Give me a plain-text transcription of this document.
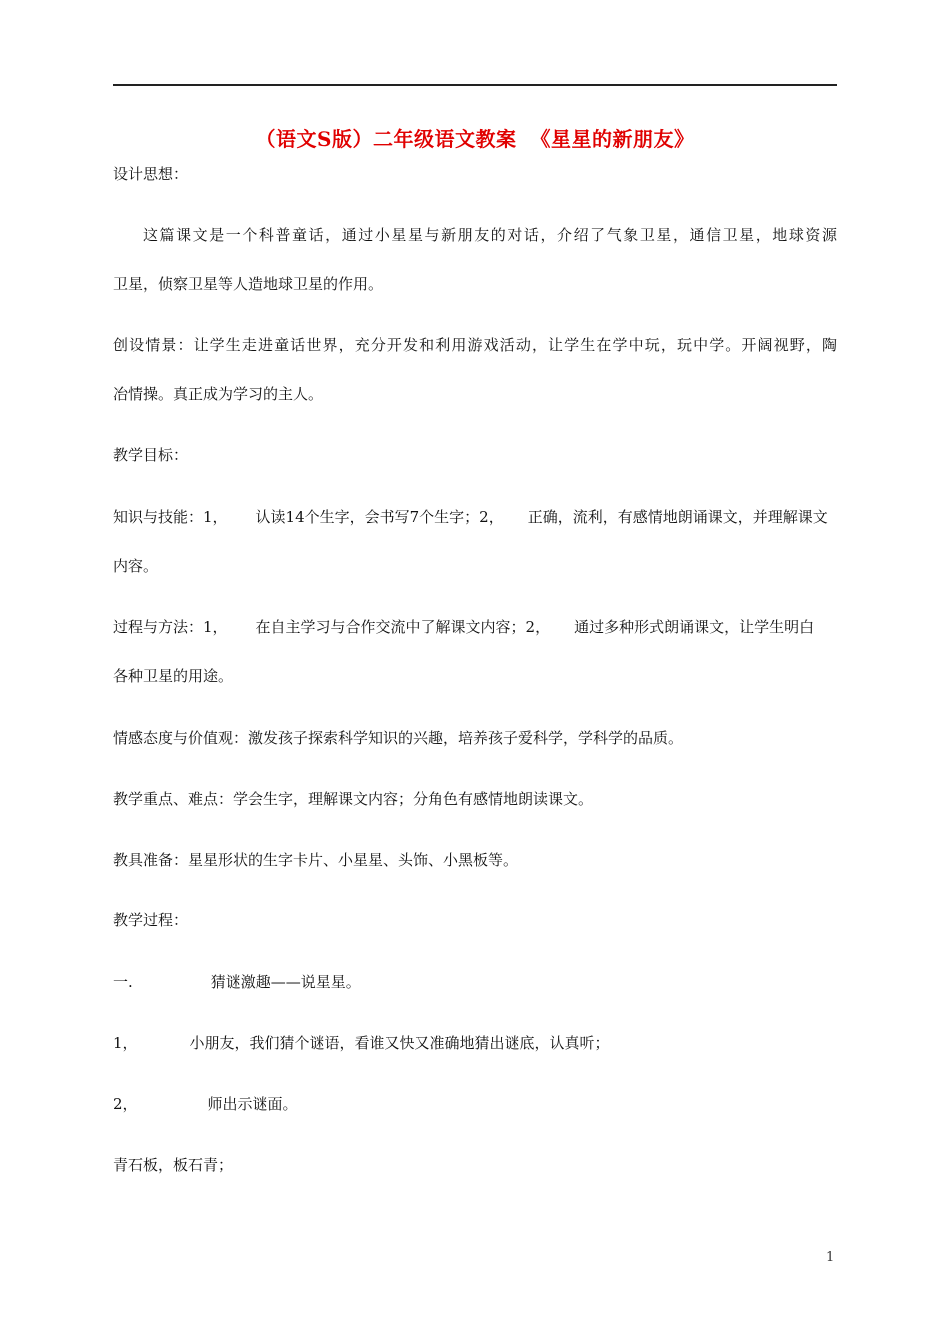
（语文S版）二年级语文教案 《星星的新朋友》
设计思想：
这篇课文是一个科普童话，通过小星星与新朋友的对话，介绍了气象卫星，通信卫星，地球资源
卫星，侦察卫星等人造地球卫星的作用。
创设情景：让学生走进童话世界，充分开发和利用游戏活动，让学生在学中玩，玩中学。开阔视野，陶
冶情操。真正成为学习的主人。
教学目标：
知识与技能：1， 认读14个生字，会书写7个生字；2， 正确，流利，有感情地朗诵课文，并理解课文
内容。
过程与方法：1， 在自主学习与合作交流中了解课文内容；2， 通过多种形式朗诵课文，让学生明白
各种卫星的用途。
情感态度与价值观：激发孩子探索科学知识的兴趣，培养孩子爱科学，学科学的品质。
教学重点、难点：学会生字，理解课文内容；分角色有感情地朗读课文。
教具准备：星星形状的生字卡片、小星星、头饰、小黑板等。
教学过程：
一.	猜谜激趣——说星星。
1，	小朋友，我们猜个谜语，看谁又快又准确地猜出谜底，认真听；
2，	师出示谜面。
青石板，板石青；
1
